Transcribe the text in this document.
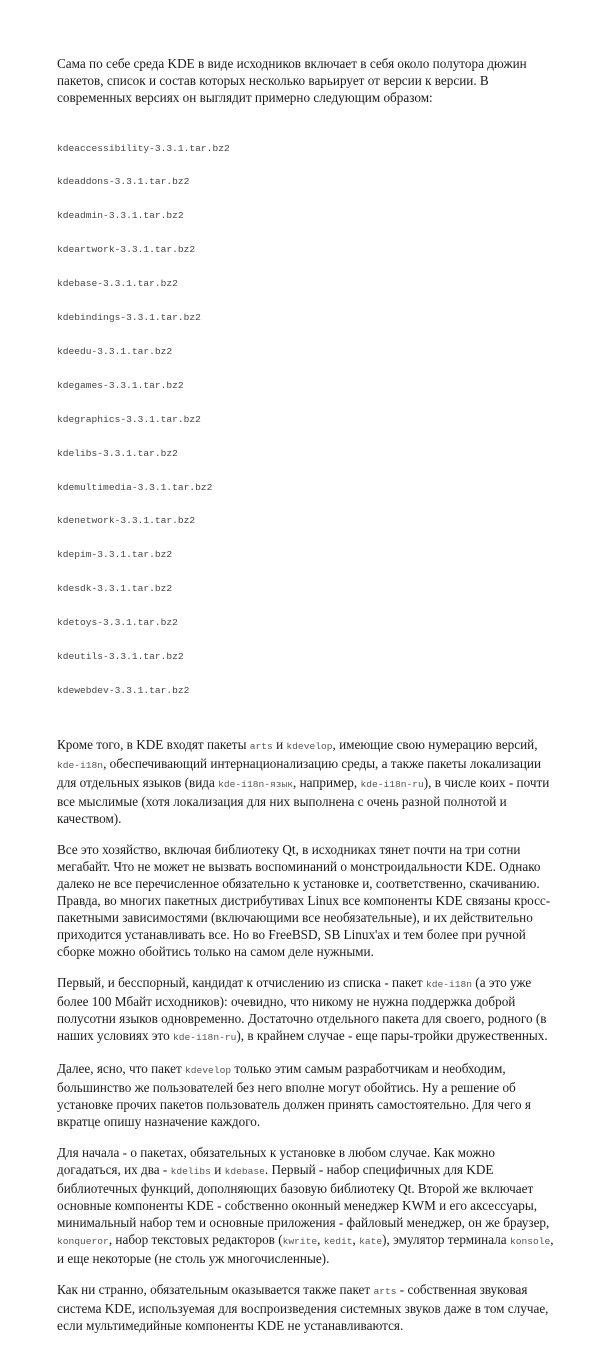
Сама по себе среда KDE в виде исходников включает в себя около полутора дюжин пакетов, список и состав которых несколько варьирует от версии к версии. В современных версиях он выглядит примерно следующим образом:

kdeaccessibility-3.3.1.tar.bz2

kdeaddons-3.3.1.tar.bz2

kdeadmin-3.3.1.tar.bz2

kdeartwork-3.3.1.tar.bz2

kdebase-3.3.1.tar.bz2

kdebindings-3.3.1.tar.bz2

kdeedu-3.3.1.tar.bz2

kdegames-3.3.1.tar.bz2

kdegraphics-3.3.1.tar.bz2

kdelibs-3.3.1.tar.bz2

kdemultimedia-3.3.1.tar.bz2

kdenetwork-3.3.1.tar.bz2

kdepim-3.3.1.tar.bz2

kdesdk-3.3.1.tar.bz2

kdetoys-3.3.1.tar.bz2

kdeutils-3.3.1.tar.bz2

kdewebdev-3.3.1.tar.bz2

Кроме того, в KDE входят пакеты arts и kdevelop, имеющие свою нумерацию версий, kde-i18n, обеспечивающий интернационализацию среды, а также пакеты локализации для отдельных языков (вида kde-i18n-язык, например, kde-i18n-ru), в числе коих - почти все мыслимые (хотя локализация для них выполнена с очень разной полнотой и качеством).

Все это хозяйство, включая библиотеку Qt, в исходниках тянет почти на три сотни мегабайт. Что не может не вызвать воспоминаний о монстроидальности KDE. Однако далеко не все перечисленное обязательно к установке и, соответственно, скачиванию. Правда, во многих пакетных дистрибутивах Linux все компоненты KDE связаны кросс-пакетными зависимостями (включающими все необязательные), и их действительно приходится устанавливать все. Но во FreeBSD, SB Linux'ax и тем более при ручной сборке можно обойтись только на самом деле нужными.

Первый, и бесспорный, кандидат к отчислению из списка - пакет kde-i18n (а это уже более 100 Мбайт исходников): очевидно, что никому не нужна поддержка доброй полусотни языков одновременно. Достаточно отдельного пакета для своего, родного (в наших условиях это kde-i18n-ru), в крайнем случае - еще пары-тройки дружественных.

Далее, ясно, что пакет kdevelop только этим самым разработчикам и необходим, большинство же пользователей без него вполне могут обойтись. Ну а решение об установке прочих пакетов пользователь должен принять самостоятельно. Для чего я вкратце опишу назначение каждого.

Для начала - о пакетах, обязательных к установке в любом случае. Как можно догадаться, их два - kdelibs и kdebase. Первый - набор специфичных для KDE библиотечных функций, дополняющих базовую библиотеку Qt. Второй же включает основные компоненты KDE - собственно оконный менеджер KWM и его аксессуары, минимальный набор тем и основные приложения - файловый менеджер, он же браузер, konqueror, набор текстовых редакторов (kwrite, kedit, kate), эмулятор терминала konsole, и еще некоторые (не столь уж многочисленные).

Как ни странно, обязательным оказывается также пакет arts - собственная звуковая система KDE, используемая для воспроизведения системных звуков даже в том случае, если мультимедийные компоненты KDE не устанавливаются.
